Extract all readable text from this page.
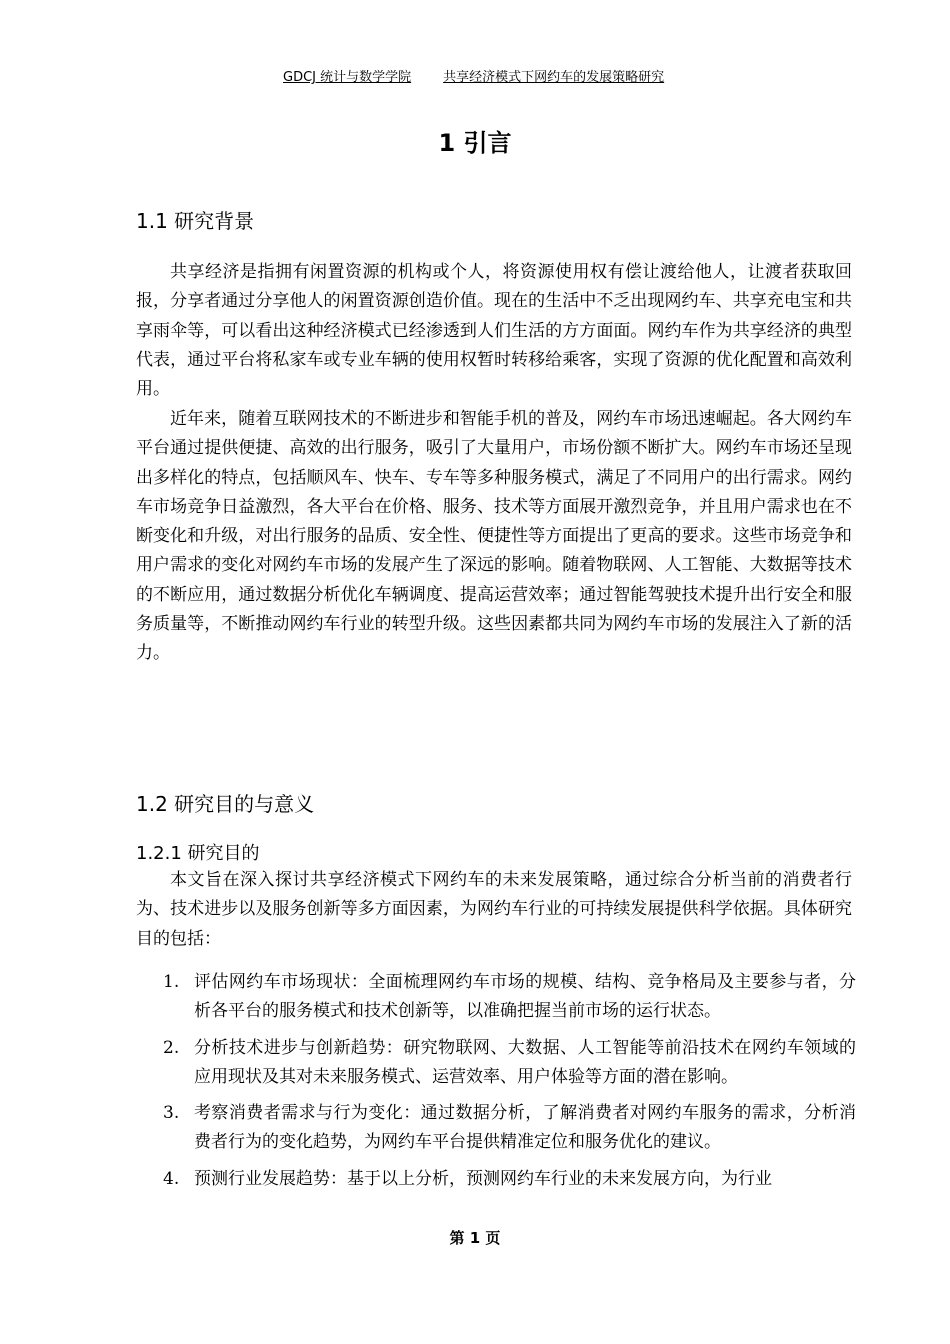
GDCJ 统计与数学学院 共享经济模式下网约车的发展策略研究
1 引言
1.1 研究背景

共享经济是指拥有闲置资源的机构或个人，将资源使用权有偿让渡给他人，让渡者获取回报，分享者通过分享他人的闲置资源创造价值。现在的生活中不乏出现网约车、共享充电宝和共享雨伞等，可以看出这种经济模式已经渗透到人们生活的方方面面。网约车作为共享经济的典型代表，通过平台将私家车或专业车辆的使用权暂时转移给乘客，实现了资源的优化配置和高效利用。

近年来，随着互联网技术的不断进步和智能手机的普及，网约车市场迅速崛起。各大网约车平台通过提供便捷、高效的出行服务，吸引了大量用户，市场份额不断扩大。网约车市场还呈现出多样化的特点，包括顺风车、快车、专车等多种服务模式，满足了不同用户的出行需求。网约车市场竞争日益激烈，各大平台在价格、服务、技术等方面展开激烈竞争，并且用户需求也在不断变化和升级，对出行服务的品质、安全性、便捷性等方面提出了更高的要求。这些市场竞争和用户需求的变化对网约车市场的发展产生了深远的影响。随着物联网、人工智能、大数据等技术的不断应用，通过数据分析优化车辆调度、提高运营效率；通过智能驾驶技术提升出行安全和服务质量等，不断推动网约车行业的转型升级。这些因素都共同为网约车市场的发展注入了新的活力。

1.2 研究目的与意义
1.2.1 研究目的

本文旨在深入探讨共享经济模式下网约车的未来发展策略，通过综合分析当前的消费者行为、技术进步以及服务创新等多方面因素，为网约车行业的可持续发展提供科学依据。具体研究目的包括：

1. 评估网约车市场现状：全面梳理网约车市场的规模、结构、竞争格局及主要参与者，分析各平台的服务模式和技术创新等，以准确把握当前市场的运行状态。
2. 分析技术进步与创新趋势：研究物联网、大数据、人工智能等前沿技术在网约车领域的应用现状及其对未来服务模式、运营效率、用户体验等方面的潜在影响。
3. 考察消费者需求与行为变化：通过数据分析，了解消费者对网约车服务的需求，分析消费者行为的变化趋势，为网约车平台提供精准定位和服务优化的建议。
4. 预测行业发展趋势：基于以上分析，预测网约车行业的未来发展方向，为行业
第 1 页
